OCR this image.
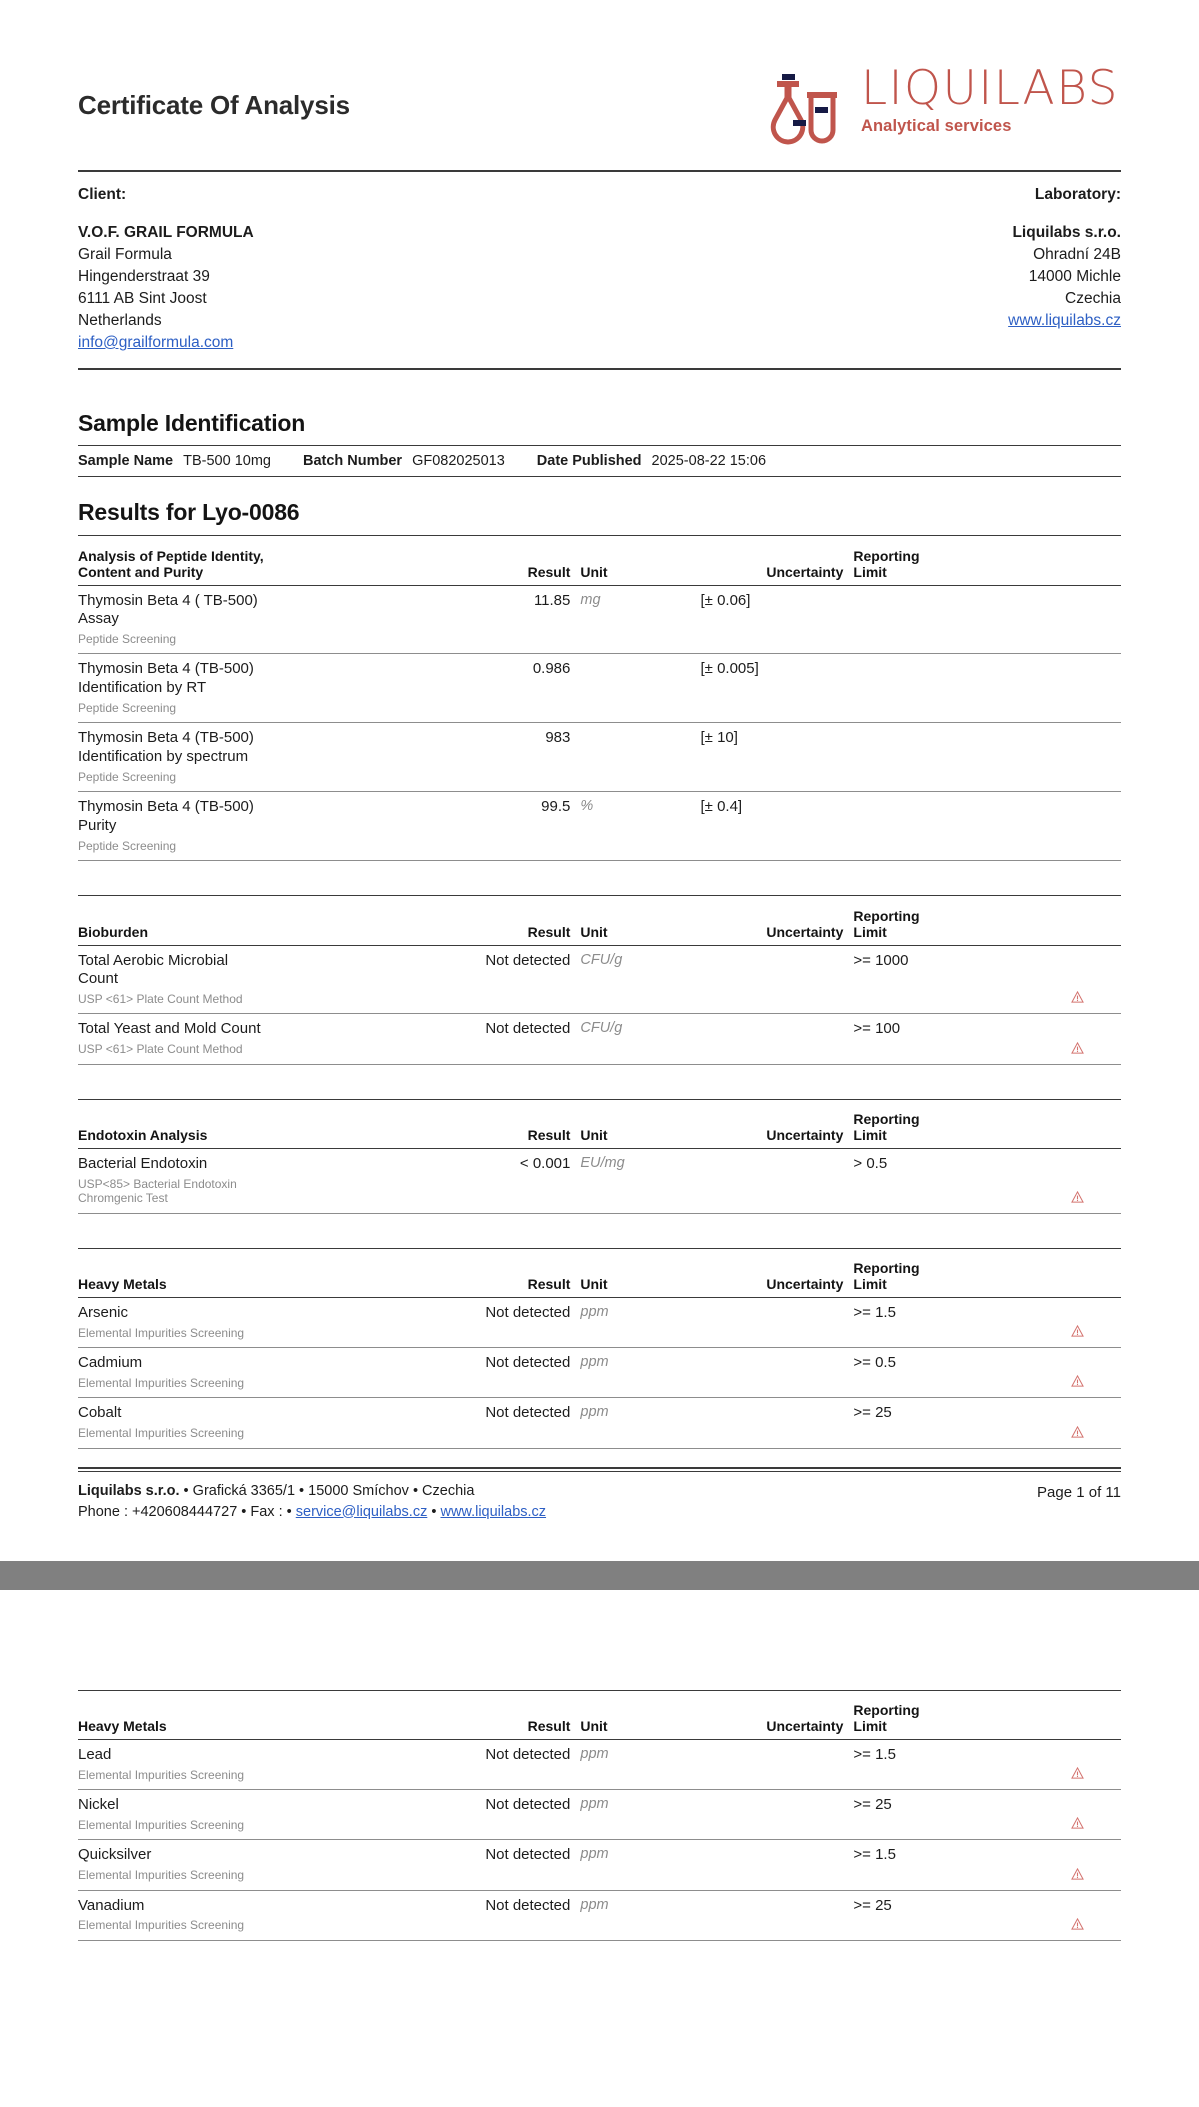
Certificate Of Analysis	LIQUILABS
Analytical services
Client:
V.O.F. GRAIL FORMULA
Grail Formula
Hingenderstraat 39
6111 AB Sint Joost
Netherlands
info@grailformula.com
Laboratory:
Liquilabs s.r.o.
Ohradní 24B
14000 Michle
Czechia
www.liquilabs.cz
Sample Identification
Sample Name TB-500 10mg Batch Number GF082025013 Date Published 2025-08-22 15:06
Results for Lyo-0086

Analysis of Peptide Identity,
Content and Purity	Result	Unit	Uncertainty	Reporting
Limit	

Thymosin Beta 4 ( TB-500)
Assay
Peptide Screening	11.85	mg	[± 0.06]		

Thymosin Beta 4 (TB-500)
Identification by RT
Peptide Screening	0.986		[± 0.005]		

Thymosin Beta 4 (TB-500)
Identification by spectrum
Peptide Screening	983		[± 10]		

Thymosin Beta 4 (TB-500)
Purity
Peptide Screening	99.5	%	[± 0.4]		

Bioburden	Result	Unit	Uncertainty	Reporting
Limit	

Total Aerobic Microbial
Count
USP <61> Plate Count Method	Not detected	CFU/g		>= 1000	

Total Yeast and Mold Count
USP <61> Plate Count Method	Not detected	CFU/g		>= 100	

Endotoxin Analysis	Result	Unit	Uncertainty	Reporting
Limit	

Bacterial Endotoxin
USP<85> Bacterial Endotoxin
Chromgenic Test	< 0.001	EU/mg		> 0.5	

Heavy Metals	Result	Unit	Uncertainty	Reporting
Limit	

Arsenic
Elemental Impurities Screening	Not detected	ppm		>= 1.5	

Cadmium
Elemental Impurities Screening	Not detected	ppm		>= 0.5	

Cobalt
Elemental Impurities Screening	Not detected	ppm		>= 25	
Liquilabs s.r.o. • Grafická 3365/1 • 15000 Smíchov • Czechia
Phone : +420608444727 • Fax : • service@liquilabs.cz • www.liquilabs.cz
Page 1 of 11

Heavy Metals	Result	Unit	Uncertainty	Reporting
Limit	

Lead
Elemental Impurities Screening	Not detected	ppm		>= 1.5	

Nickel
Elemental Impurities Screening	Not detected	ppm		>= 25	

Quicksilver
Elemental Impurities Screening	Not detected	ppm		>= 1.5	

Vanadium
Elemental Impurities Screening	Not detected	ppm		>= 25	
